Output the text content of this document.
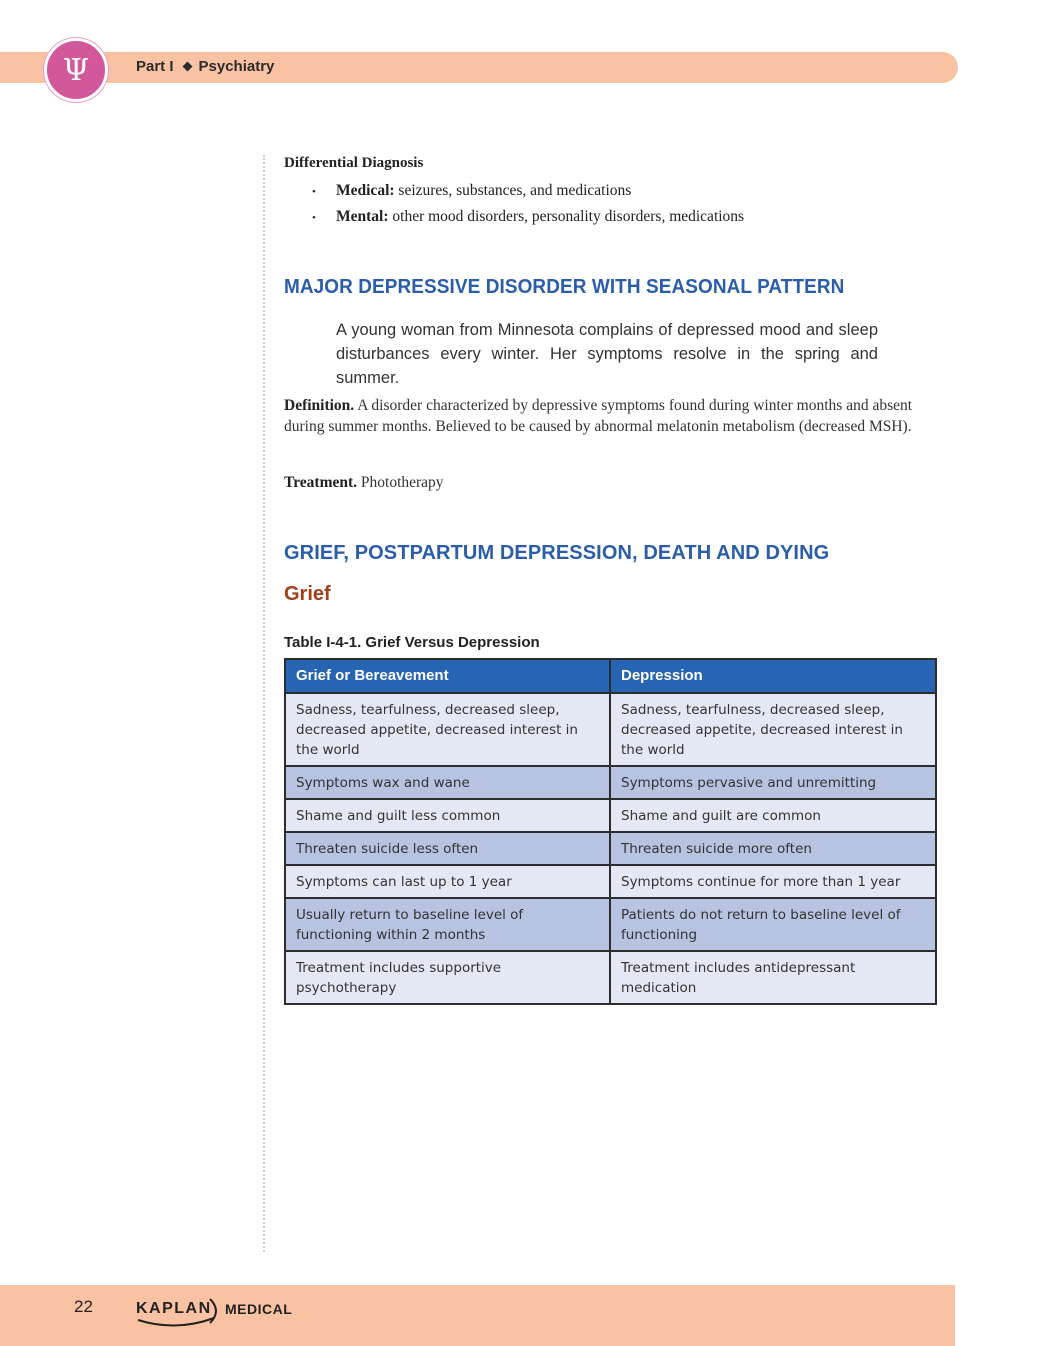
Ψ	Part I Psychiatry
Differential Diagnosis
• Medical: seizures, substances, and medications
• Mental: other mood disorders, personality disorders, medications
MAJOR DEPRESSIVE DISORDER WITH SEASONAL PATTERN
A young woman from Minnesota complains of depressed mood and sleep disturbances every winter. Her symptoms resolve in the spring and summer.
Definition. A disorder characterized by depressive symptoms found during winter months and absent during summer months. Believed to be caused by abnormal melatonin metabolism (decreased MSH).
Treatment. Phototherapy
GRIEF, POSTPARTUM DEPRESSION, DEATH AND DYING
Grief
Table I-4-1. Grief Versus Depression
Grief or Bereavement	Depression
Sadness, tearfulness, decreased sleep, decreased appetite, decreased interest in the world	Sadness, tearfulness, decreased sleep, decreased appetite, decreased interest in the world
Symptoms wax and wane	Symptoms pervasive and unremitting
Shame and guilt less common	Shame and guilt are common
Threaten suicide less often	Threaten suicide more often
Symptoms can last up to 1 year	Symptoms continue for more than 1 year
Usually return to baseline level of functioning within 2 months	Patients do not return to baseline level of functioning
Treatment includes supportive psychotherapy	Treatment includes antidepressant medication
22	KAPLAN MEDICAL
